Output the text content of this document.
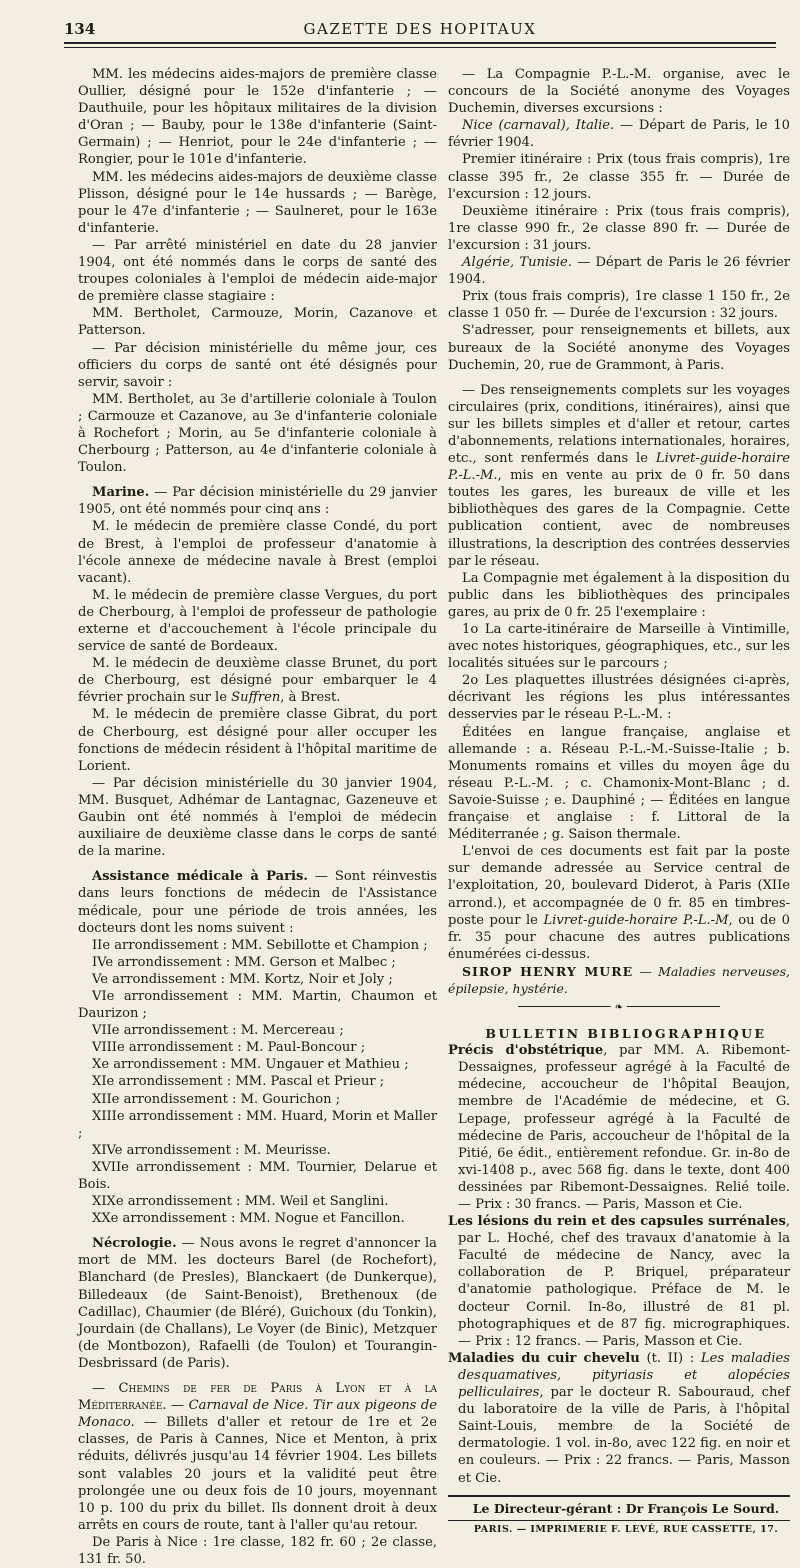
134	GAZETTE DES HOPITAUX

MM. les médecins aides-majors de première classe Oullier, désigné pour le 152e d'infanterie ; — Dauthuile, pour les hôpitaux militaires de la division d'Oran ; — Bauby, pour le 138e d'infanterie (Saint-Germain) ; — Henriot, pour le 24e d'infanterie ; — Rongier, pour le 101e d'infanterie.

MM. les médecins aides-majors de deuxième classe Plisson, désigné pour le 14e hussards ; — Barège, pour le 47e d'infanterie ; — Saulneret, pour le 163e d'infanterie.

— Par arrêté ministériel en date du 28 janvier 1904, ont été nommés dans le corps de santé des troupes coloniales à l'emploi de médecin aide-major de première classe stagiaire :

MM. Bertholet, Carmouze, Morin, Cazanove et Patterson.

— Par décision ministérielle du même jour, ces officiers du corps de santé ont été désignés pour servir, savoir :

MM. Bertholet, au 3e d'artillerie coloniale à Toulon ; Carmouze et Cazanove, au 3e d'infanterie coloniale à Rochefort ; Morin, au 5e d'infanterie coloniale à Cherbourg ; Patterson, au 4e d'infanterie coloniale à Toulon.

Marine. — Par décision ministérielle du 29 janvier 1905, ont été nommés pour cinq ans :

M. le médecin de première classe Condé, du port de Brest, à l'emploi de professeur d'anatomie à l'école annexe de médecine navale à Brest (emploi vacant).

M. le médecin de première classe Vergues, du port de Cherbourg, à l'emploi de professeur de pathologie externe et d'accouchement à l'école principale du service de santé de Bordeaux.

M. le médecin de deuxième classe Brunet, du port de Cherbourg, est désigné pour embarquer le 4 février prochain sur le Suffren, à Brest.

M. le médecin de première classe Gibrat, du port de Cherbourg, est désigné pour aller occuper les fonctions de médecin résident à l'hôpital maritime de Lorient.

— Par décision ministérielle du 30 janvier 1904, MM. Busquet, Adhémar de Lantagnac, Gazeneuve et Gaubin ont été nommés à l'emploi de médecin auxiliaire de deuxième classe dans le corps de santé de la marine.

Assistance médicale à Paris. — Sont réinvestis dans leurs fonctions de médecin de l'Assistance médicale, pour une période de trois années, les docteurs dont les noms suivent :

IIe arrondissement : MM. Sebillotte et Champion ;

IVe arrondissement : MM. Gerson et Malbec ;

Ve arrondissement : MM. Kortz, Noir et Joly ;

VIe arrondissement : MM. Martin, Chaumon et Daurizon ;

VIIe arrondissement : M. Mercereau ;

VIIIe arrondissement : M. Paul-Boncour ;

Xe arrondissement : MM. Ungauer et Mathieu ;

XIe arrondissement : MM. Pascal et Prieur ;

XIIe arrondissement : M. Gourichon ;

XIIIe arrondissement : MM. Huard, Morin et Maller ;

XIVe arrondissement : M. Meurisse.

XVIIe arrondissement : MM. Tournier, Delarue et Bois.

XIXe arrondissement : MM. Weil et Sanglini.

XXe arrondissement : MM. Nogue et Fancillon.

Nécrologie. — Nous avons le regret d'annoncer la mort de MM. les docteurs Barel (de Rochefort), Blanchard (de Presles), Blanckaert (de Dunkerque), Billedeaux (de Saint-Benoist), Brethenoux (de Cadillac), Chaumier (de Bléré), Guichoux (du Tonkin), Jourdain (de Challans), Le Voyer (de Binic), Metzquer (de Montbozon), Rafaelli (de Toulon) et Tourangin-Desbrissard (de Paris).

— Chemins de fer de Paris à Lyon et à la Méditerranée. — Carnaval de Nice. Tir aux pigeons de Monaco. — Billets d'aller et retour de 1re et 2e classes, de Paris à Cannes, Nice et Menton, à prix réduits, délivrés jusqu'au 14 février 1904. Les billets sont valables 20 jours et la validité peut être prolongée une ou deux fois de 10 jours, moyennant 10 p. 100 du prix du billet. Ils donnent droit à deux arrêts en cours de route, tant à l'aller qu'au retour.

De Paris à Nice : 1re classe, 182 fr. 60 ; 2e classe, 131 fr. 50.

— La Compagnie P.-L.-M. organise, avec le concours de la Société anonyme des Voyages Duchemin, diverses excursions :

Nice (carnaval), Italie. — Départ de Paris, le 10 février 1904.

Premier itinéraire : Prix (tous frais compris), 1re classe 395 fr., 2e classe 355 fr. — Durée de l'excursion : 12 jours.

Deuxième itinéraire : Prix (tous frais compris), 1re classe 990 fr., 2e classe 890 fr. — Durée de l'excursion : 31 jours.

Algérie, Tunisie. — Départ de Paris le 26 février 1904.

Prix (tous frais compris), 1re classe 1 150 fr., 2e classe 1 050 fr. — Durée de l'excursion : 32 jours.

S'adresser, pour renseignements et billets, aux bureaux de la Société anonyme des Voyages Duchemin, 20, rue de Grammont, à Paris.

— Des renseignements complets sur les voyages circulaires (prix, conditions, itinéraires), ainsi que sur les billets simples et d'aller et retour, cartes d'abonnements, relations internationales, horaires, etc., sont renfermés dans le Livret-guide-horaire P.-L.-M., mis en vente au prix de 0 fr. 50 dans toutes les gares, les bureaux de ville et les bibliothèques des gares de la Compagnie. Cette publication contient, avec de nombreuses illustrations, la description des contrées desservies par le réseau.

La Compagnie met également à la disposition du public dans les bibliothèques des principales gares, au prix de 0 fr. 25 l'exemplaire :

1o La carte-itinéraire de Marseille à Vintimille, avec notes historiques, géographiques, etc., sur les localités situées sur le parcours ;

2o Les plaquettes illustrées désignées ci-après, décrivant les régions les plus intéressantes desservies par le réseau P.-L.-M. :

Éditées en langue française, anglaise et allemande : a. Réseau P.-L.-M.-Suisse-Italie ; b. Monuments romains et villes du moyen âge du réseau P.-L.-M. ; c. Chamonix-Mont-Blanc ; d. Savoie-Suisse ; e. Dauphiné ; — Éditées en langue française et anglaise : f. Littoral de la Méditerranée ; g. Saison thermale.

L'envoi de ces documents est fait par la poste sur demande adressée au Service central de l'exploitation, 20, boulevard Diderot, à Paris (XIIe arrond.), et accompagnée de 0 fr. 85 en timbres-poste pour le Livret-guide-horaire P.-L.-M, ou de 0 fr. 35 pour chacune des autres publications énumérées ci-dessus.

SIROP HENRY MURE — Maladies nerveuses, épilepsie, hystérie.

❧

BULLETIN BIBLIOGRAPHIQUE

Précis d'obstétrique, par MM. A. Ribemont-Dessaignes, professeur agrégé à la Faculté de médecine, accoucheur de l'hôpital Beaujon, membre de l'Académie de médecine, et G. Lepage, professeur agrégé à la Faculté de médecine de Paris, accoucheur de l'hôpital de la Pitié, 6e édit., entièrement refondue. Gr. in-8o de xvi-1408 p., avec 568 fig. dans le texte, dont 400 dessinées par Ribemont-Dessaignes. Relié toile. — Prix : 30 francs. — Paris, Masson et Cie.

Les lésions du rein et des capsules surrénales, par L. Hoché, chef des travaux d'anatomie à la Faculté de médecine de Nancy, avec la collaboration de P. Briquel, préparateur d'anatomie pathologique. Préface de M. le docteur Cornil. In-8o, illustré de 81 pl. photographiques et de 87 fig. micrographiques. — Prix : 12 francs. — Paris, Masson et Cie.

Maladies du cuir chevelu (t. II) : Les maladies desquamatives, pityriasis et alopécies pelliculaires, par le docteur R. Sabouraud, chef du laboratoire de la ville de Paris, à l'hôpital Saint-Louis, membre de la Société de dermatologie. 1 vol. in-8o, avec 122 fig. en noir et en couleurs. — Prix : 22 francs. — Paris, Masson et Cie.

Le Directeur-gérant : Dr François Le Sourd.

PARIS. — IMPRIMERIE F. LEVÉ, RUE CASSETTE, 17.
